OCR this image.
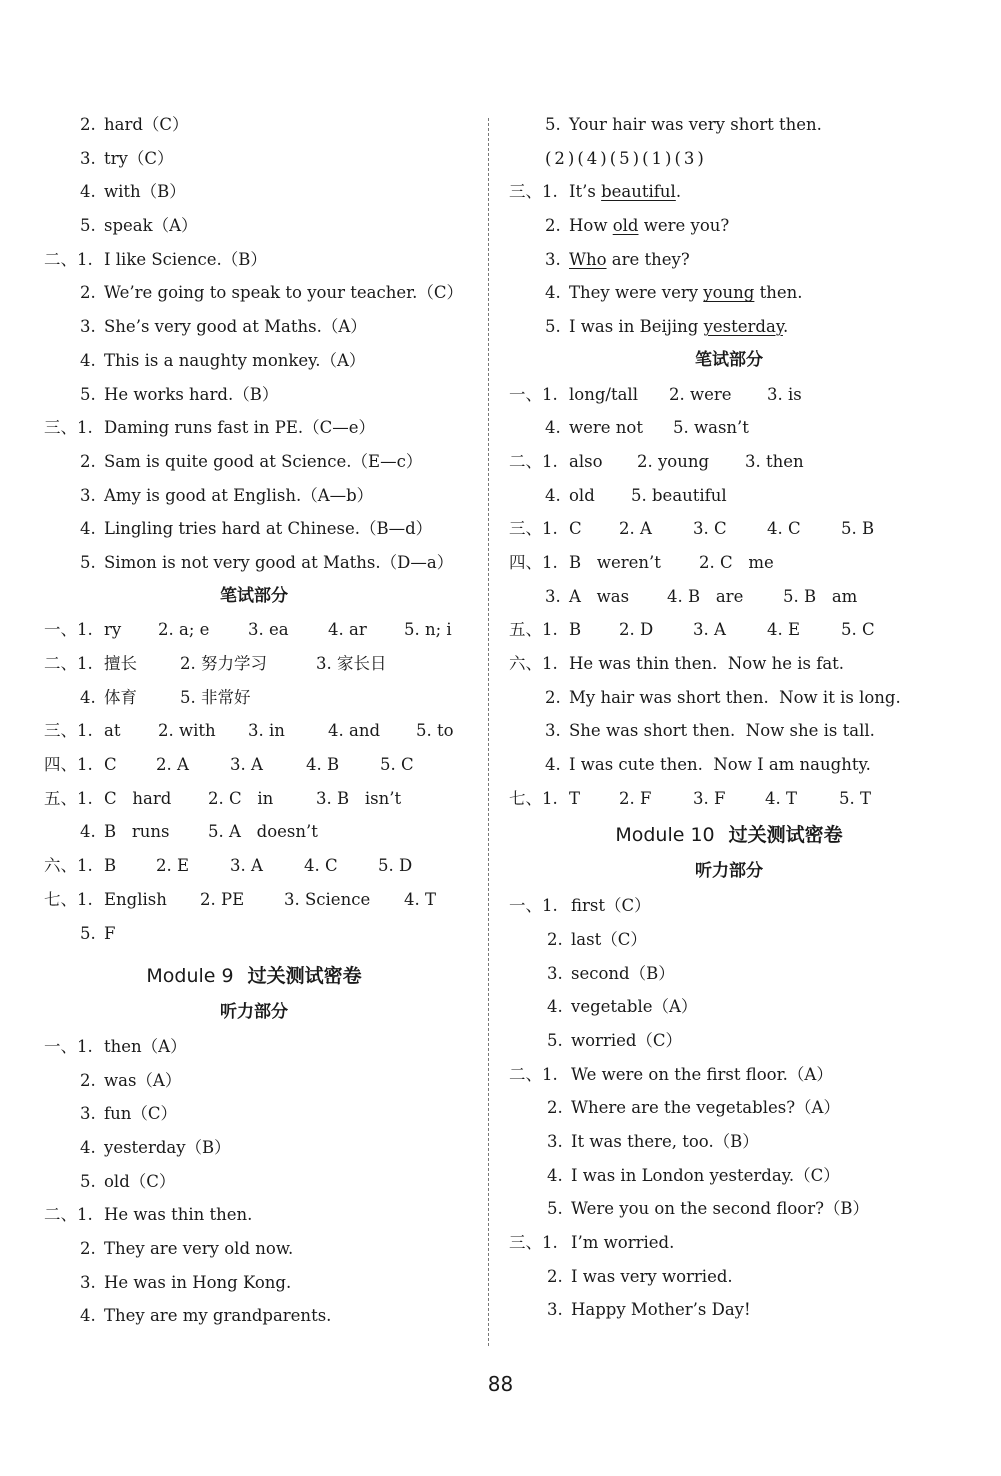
2. hard（C）
3. try（C）
4. with（B）
5. speak（A）
二、1. I like Science.（B）
2. We’re going to speak to your teacher.（C）
3. She’s very good at Maths.（A）
4. This is a naughty monkey.（A）
5. He works hard.（B）
三、1. Daming runs fast in PE.（C—e）
2. Sam is quite good at Science.（E—c）
3. Amy is good at English.（A—b）
4. Lingling tries hard at Chinese.（B—d）
5. Simon is not very good at Maths.（D—a）
笔试部分
一、1. ry 2. a; e 3. ea 4. ar 5. n; i
二、1. 擅长	2. 努力学习	3. 家长日
4. 体育	5. 非常好
三、1. at 2. with 3. in	4. and 5. to
四、1. C 2. A 3. A	4. B 5. C
五、1. C   hard 2. C   in	3. B   isn’t
4. B   runs 5. A   doesn’t
六、1. B 2. E 3. A 4. C 5. D
七、1. English 2. PE 3. Science 4. T
5. F
Module 9 过关测试密卷
听力部分
一、1. then（A）
2. was（A）
3. fun（C）
4. yesterday（B）
5. old（C）
二、1. He was thin then.
2. They are very old now.
3. He was in Hong Kong.
4. They are my grandparents.
5. Your hair was very short then.
(2)(4)(5)(1)(3)
三、1. It’s beautiful.
2. How old were you?
3. Who are they?
4. They were very young then.
5. I was in Beijing yesterday.
笔试部分
一、1. long/tall 2. were 3. is
4. were not 5. wasn’t
二、1. also 2. young 3. then
4. old 5. beautiful
三、1. C 2. A 3. C 4. C 5. B
四、1. B   weren’t 2. C   me
3. A   was 4. B   are 5. B   am
五、1. B 2. D 3. A 4. E 5. C
六、1. He was thin then.  Now he is fat.
2. My hair was short then.  Now it is long.
3. She was short then.  Now she is tall.
4. I was cute then.  Now I am naughty.
七、1. T 2. F	3. F 4. T	5. T
Module 10 过关测试密卷
听力部分
一、1. first（C）
2. last（C）
3. second（B）
4. vegetable（A）
5. worried（C）
二、1. We were on the first floor.（A）
2. Where are the vegetables?（A）
3. It was there, too.（B）
4. I was in London yesterday.（C）
5. Were you on the second floor?（B）
三、1. I’m worried.
2. I was very worried.
3. Happy Mother’s Day!
88
